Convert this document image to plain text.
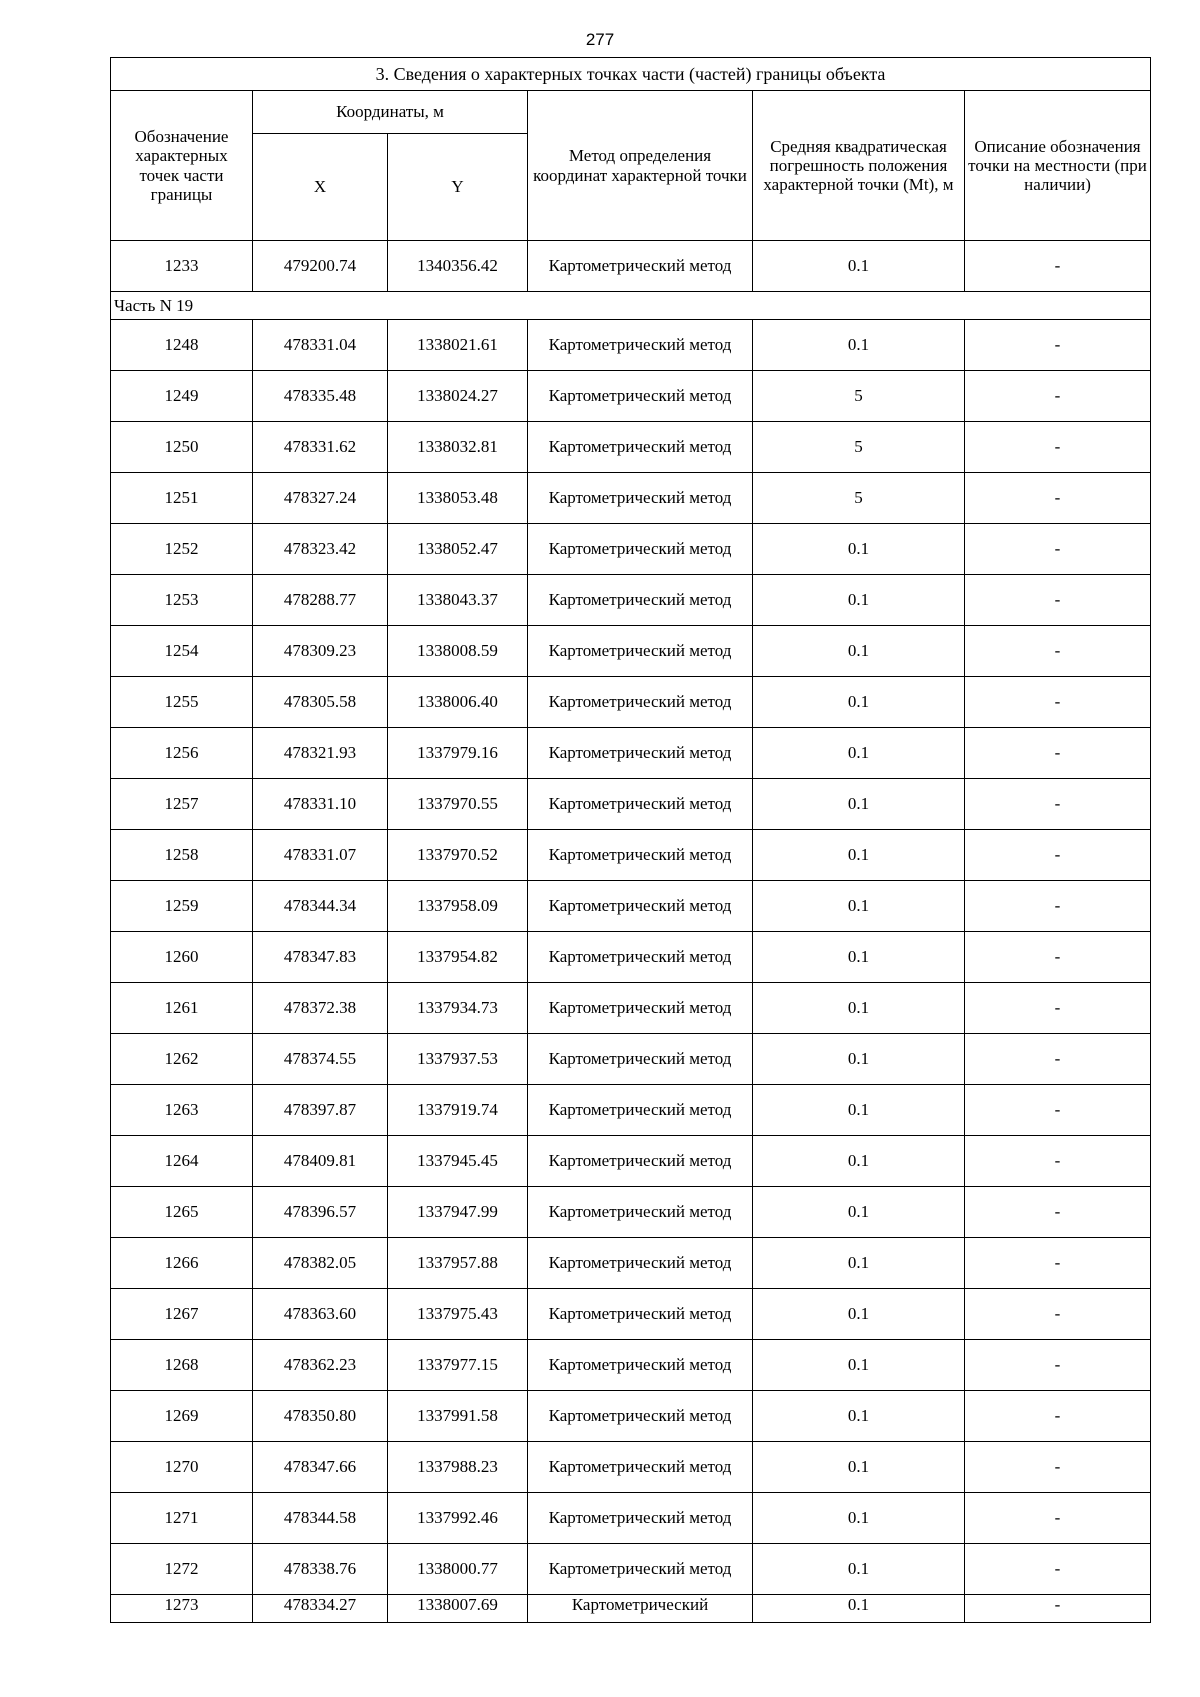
277
3. Сведения о характерных точках части (частей) границы объекта					
Обозначение характерных точек части границы	Координаты, м		Метод определения координат характерной точки	Средняя квадратическая погрешность положения характерной точки (Mt), м	Описание обозначения точки на местности (при наличии)
	X	Y			
1233	479200.74	1340356.42	Картометрический метод	0.1	-
Часть N 19					
1248	478331.04	1338021.61	Картометрический метод	0.1	-
1249	478335.48	1338024.27	Картометрический метод	5	-
1250	478331.62	1338032.81	Картометрический метод	5	-
1251	478327.24	1338053.48	Картометрический метод	5	-
1252	478323.42	1338052.47	Картометрический метод	0.1	-
1253	478288.77	1338043.37	Картометрический метод	0.1	-
1254	478309.23	1338008.59	Картометрический метод	0.1	-
1255	478305.58	1338006.40	Картометрический метод	0.1	-
1256	478321.93	1337979.16	Картометрический метод	0.1	-
1257	478331.10	1337970.55	Картометрический метод	0.1	-
1258	478331.07	1337970.52	Картометрический метод	0.1	-
1259	478344.34	1337958.09	Картометрический метод	0.1	-
1260	478347.83	1337954.82	Картометрический метод	0.1	-
1261	478372.38	1337934.73	Картометрический метод	0.1	-
1262	478374.55	1337937.53	Картометрический метод	0.1	-
1263	478397.87	1337919.74	Картометрический метод	0.1	-
1264	478409.81	1337945.45	Картометрический метод	0.1	-
1265	478396.57	1337947.99	Картометрический метод	0.1	-
1266	478382.05	1337957.88	Картометрический метод	0.1	-
1267	478363.60	1337975.43	Картометрический метод	0.1	-
1268	478362.23	1337977.15	Картометрический метод	0.1	-
1269	478350.80	1337991.58	Картометрический метод	0.1	-
1270	478347.66	1337988.23	Картометрический метод	0.1	-
1271	478344.58	1337992.46	Картометрический метод	0.1	-
1272	478338.76	1338000.77	Картометрический метод	0.1	-
1273	478334.27	1338007.69	Картометрический	0.1	-
